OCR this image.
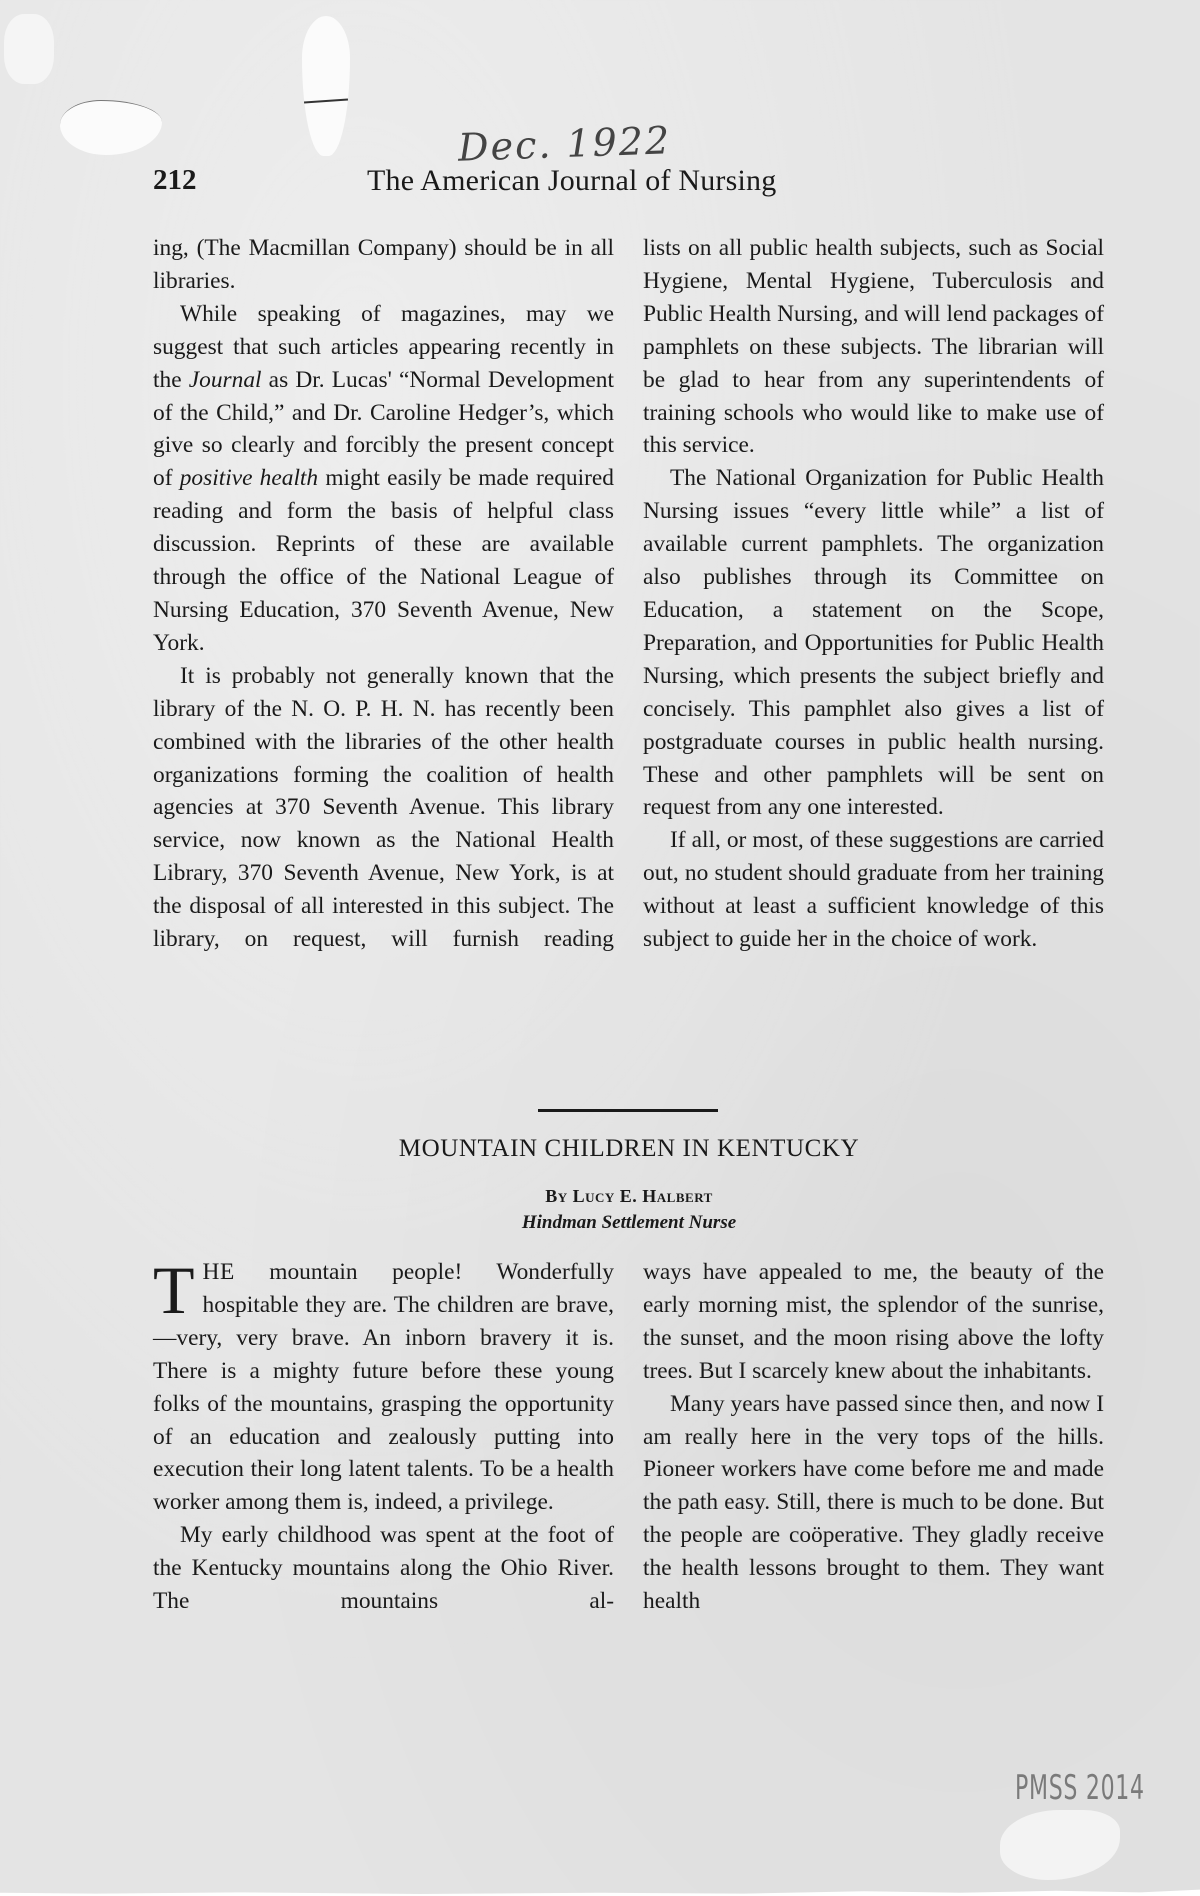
Dec. 1922
212	The American Journal of Nursing

ing, (The Macmillan Company) should be in all libraries.

While speaking of magazines, may we suggest that such articles appearing recently in the Journal as Dr. Lucas' “Normal Development of the Child,” and Dr. Caroline Hedger’s, which give so clearly and forcibly the present concept of positive health might easily be made required reading and form the basis of helpful class discussion. Reprints of these are available through the office of the National League of Nursing Education, 370 Seventh Avenue, New York.

It is probably not generally known that the library of the N. O. P. H. N. has recently been combined with the libraries of the other health organizations forming the coalition of health agencies at 370 Seventh Avenue. This library service, now known as the National Health Library, 370 Seventh Avenue, New York, is at the disposal of all interested in this subject. The library, on request, will furnish reading

lists on all public health subjects, such as Social Hygiene, Mental Hygiene, Tuberculosis and Public Health Nursing, and will lend packages of pamphlets on these subjects. The librarian will be glad to hear from any superintendents of training schools who would like to make use of this service.

The National Organization for Public Health Nursing issues “every little while” a list of available current pamphlets. The organization also publishes through its Committee on Education, a statement on the Scope, Preparation, and Opportunities for Public Health Nursing, which presents the subject briefly and concisely. This pamphlet also gives a list of postgraduate courses in public health nursing. These and other pamphlets will be sent on request from any one interested.

If all, or most, of these suggestions are carried out, no student should graduate from her training without at least a sufficient knowledge of this subject to guide her in the choice of work.

MOUNTAIN CHILDREN IN KENTUCKY
By Lucy E. Halbert
Hindman Settlement Nurse
T HE mountain people! Wonderfully hospitable they are. The children are brave,—very, very brave. An inborn bravery it is. There is a mighty future before these young folks of the mountains, grasping the opportunity of an education and zealously putting into execution their long latent talents. To be a health worker among them is, indeed, a privilege.

My early childhood was spent at the foot of the Kentucky mountains along the Ohio River. The mountains al-

ways have appealed to me, the beauty of the early morning mist, the splendor of the sunrise, the sunset, and the moon rising above the lofty trees. But I scarcely knew about the inhabitants.

Many years have passed since then, and now I am really here in the very tops of the hills. Pioneer workers have come before me and made the path easy. Still, there is much to be done. But the people are coöperative. They gladly receive the health lessons brought to them. They want health

PMSS 2014
